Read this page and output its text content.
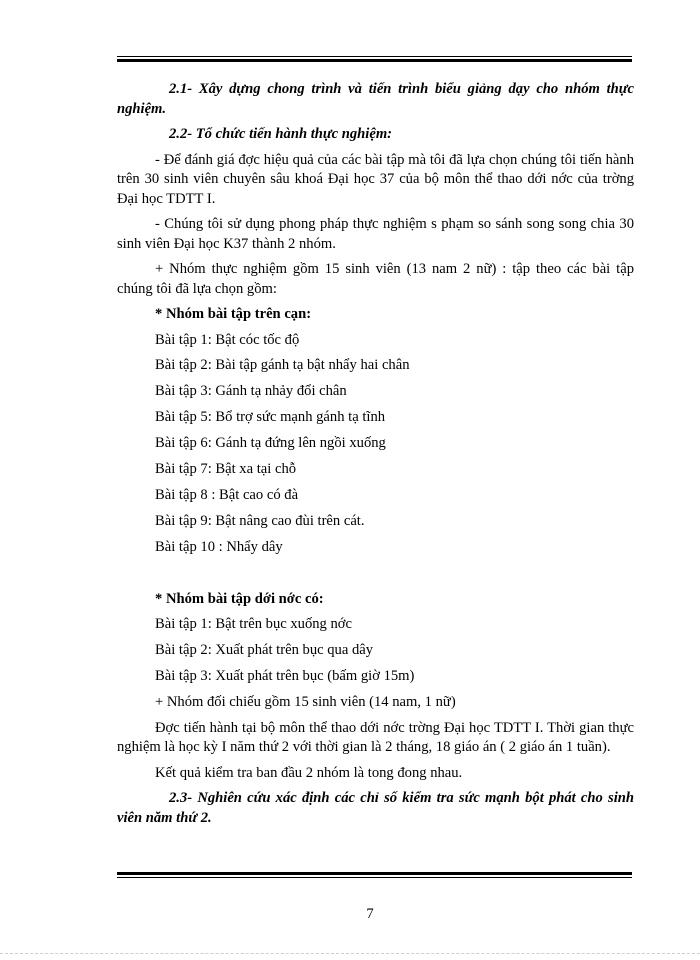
2.1- Xây dựng chong trình và tiến trình biểu giảng dạy cho nhóm thực nghiệm.

2.2- Tổ chức tiến hành thực nghiệm:

- Để đánh giá đợc hiệu quả của các bài tập mà tôi đã lựa chọn chúng tôi tiến hành trên 30 sinh viên chuyên sâu khoá Đại học 37 của bộ môn thể thao dới nớc của trờng Đại học TDTT I.

- Chúng tôi sử dụng phong pháp thực nghiệm s phạm so sánh song song chia 30 sinh viên Đại học K37 thành 2 nhóm.

+ Nhóm thực nghiệm gồm 15 sinh viên (13 nam 2 nữ) : tập theo các bài tập chúng tôi đã lựa chọn gồm:

* Nhóm bài tập trên cạn:

Bài tập 1: Bật cóc tốc độ

Bài tập 2: Bài tập gánh tạ bật nhẩy hai chân

Bài tập 3: Gánh tạ nhảy đổi chân

Bài tập 5: Bổ trợ sức mạnh gánh tạ tĩnh

Bài tập 6: Gánh tạ đứng lên ngồi xuống

Bài tập 7: Bật xa tại chỗ

Bài tập 8 : Bật cao có đà

Bài tập 9: Bật nâng cao đùi trên cát.

Bài tập 10 : Nhẩy dây

* Nhóm bài tập dới nớc có:

Bài tập 1: Bật trên bục xuống nớc

Bài tập 2: Xuất phát trên bục qua dây

Bài tập 3: Xuất phát trên bục (bấm giờ 15m)

+ Nhóm đối chiếu gồm 15 sinh viên (14 nam, 1 nữ)

Đợc tiến hành tại bộ môn thể thao dới nớc trờng Đại học TDTT I. Thời gian thực nghiệm là học kỳ I năm thứ 2 với thời gian là 2 tháng, 18 giáo án ( 2 giáo án 1 tuần).

Kết quả kiểm tra ban đầu 2 nhóm là tong đong nhau.

2.3- Nghiên cứu xác định các chỉ số kiểm tra sức mạnh bột phát cho sinh viên năm thứ 2.

7
